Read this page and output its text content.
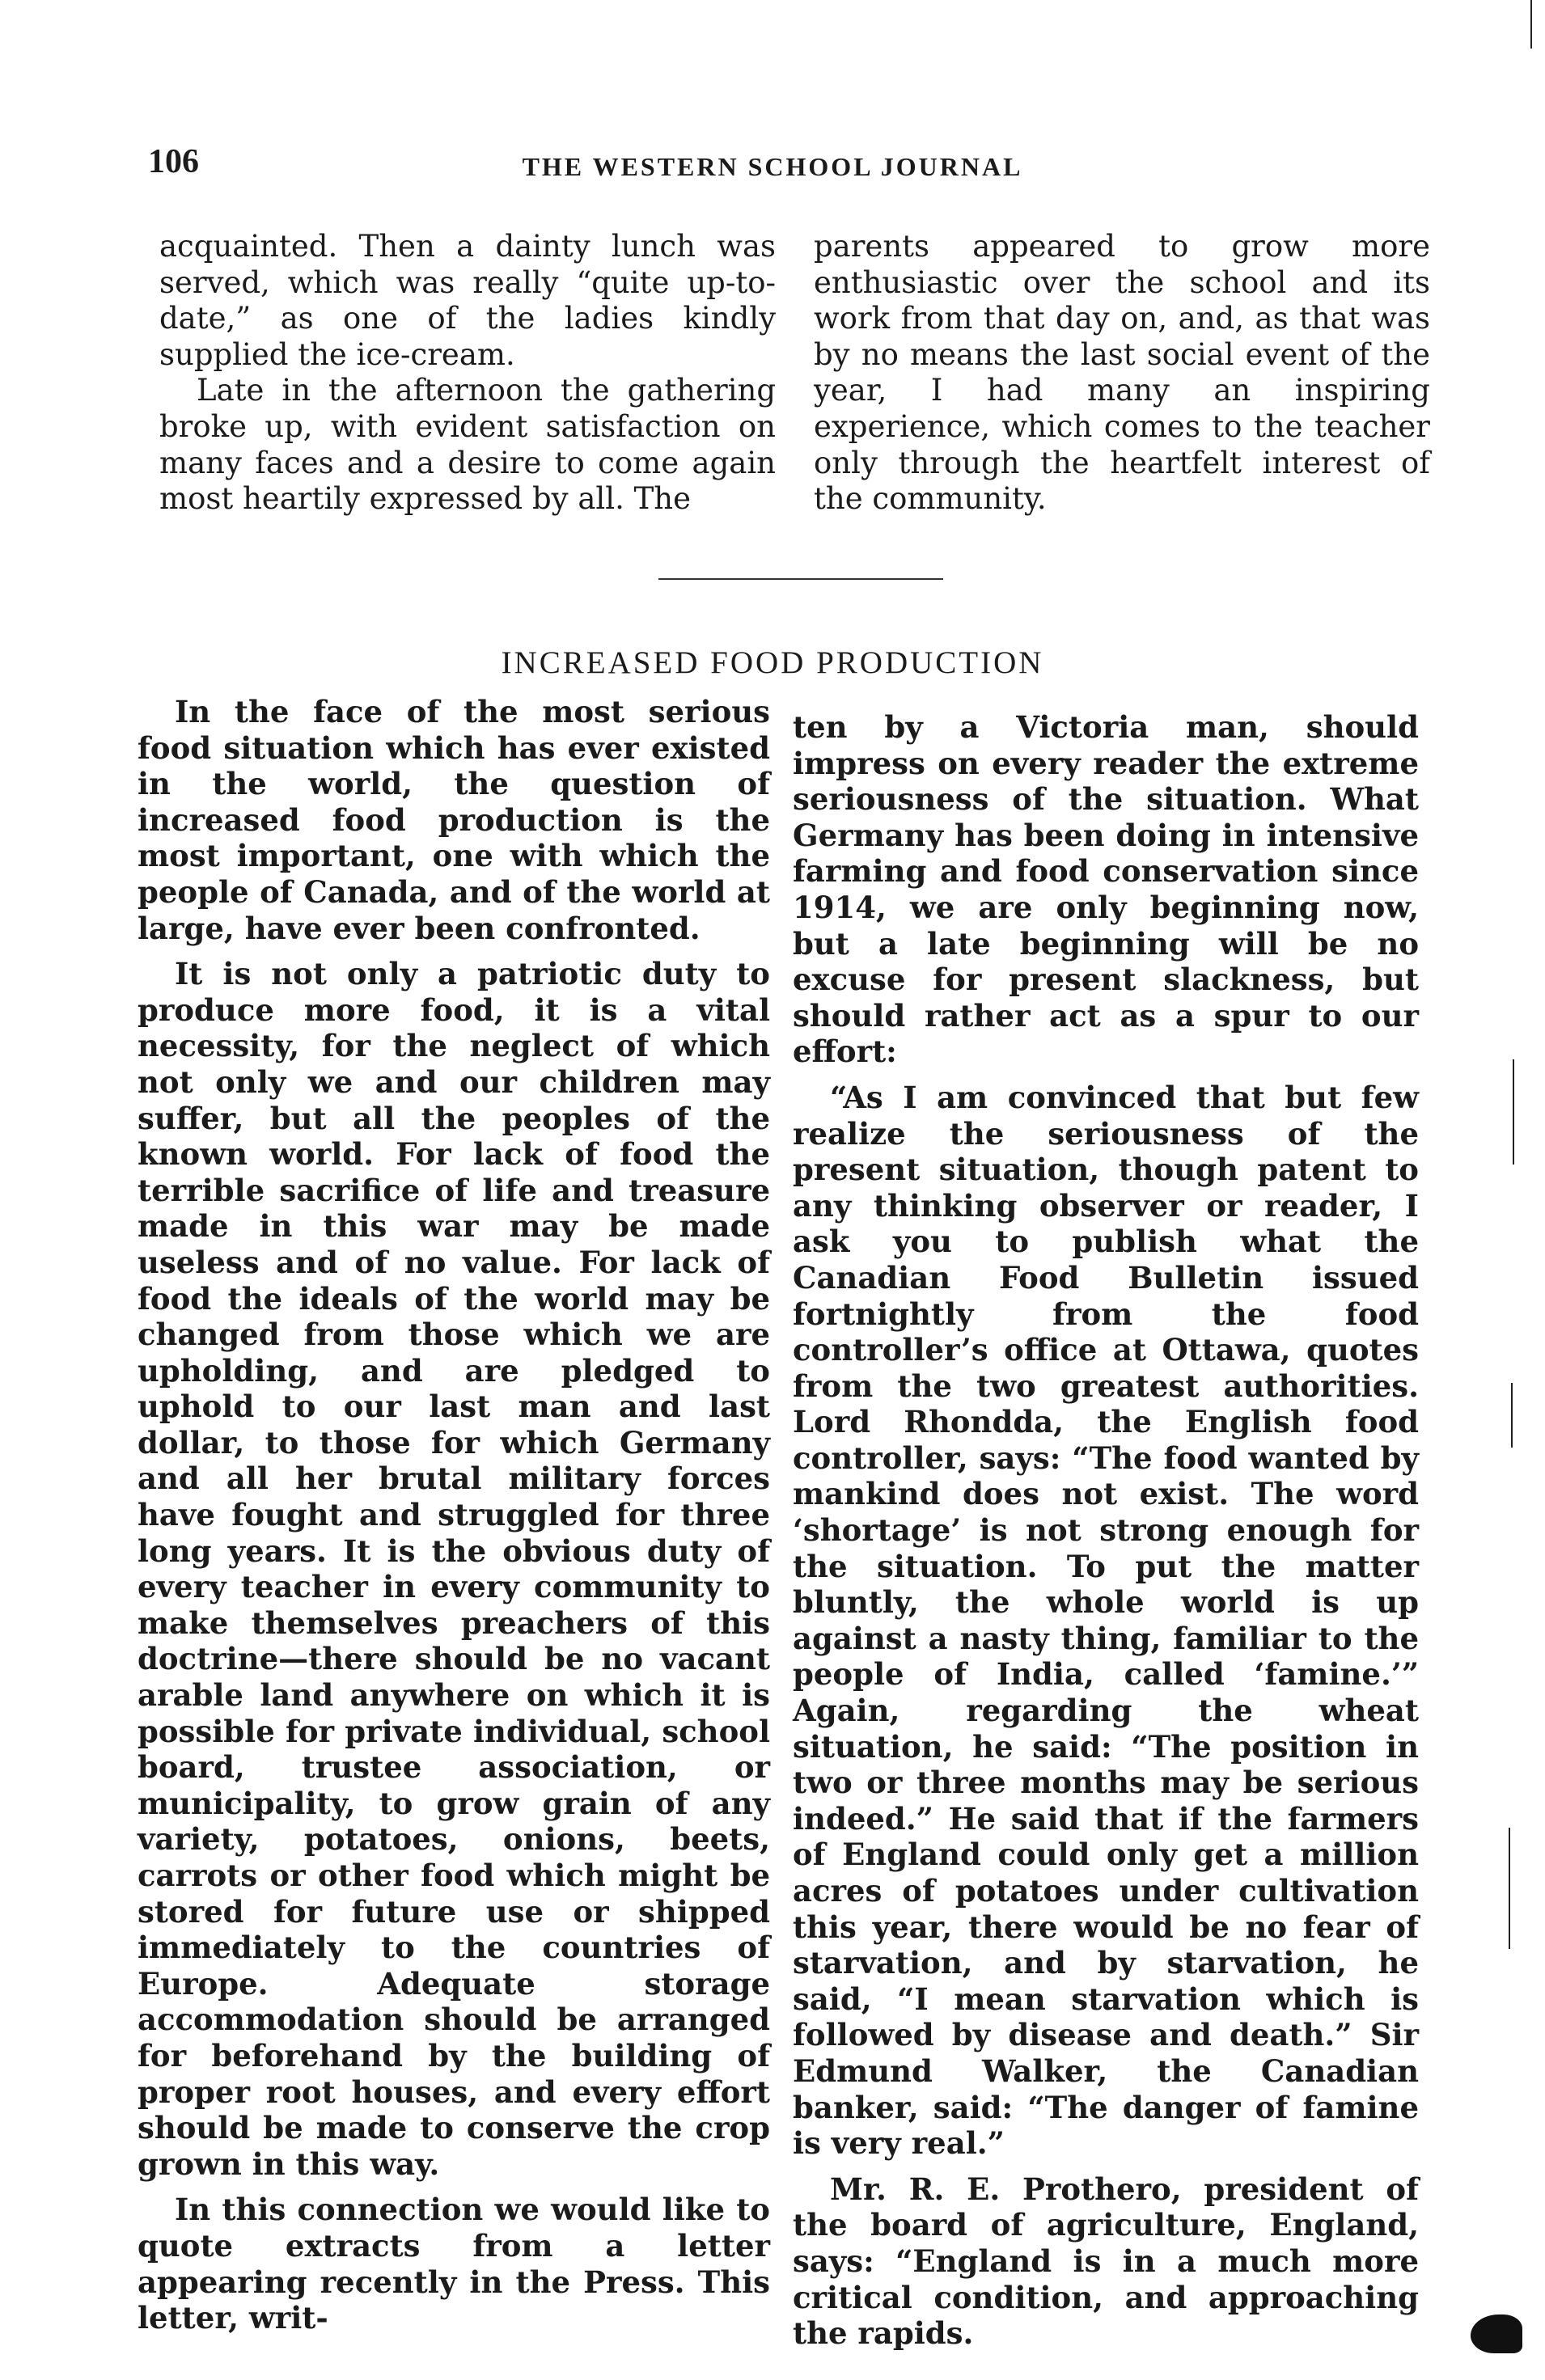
106	THE WESTERN SCHOOL JOURNAL

acquainted. Then a dainty lunch was served, which was really “quite up-to-date,” as one of the ladies kindly supplied the ice-cream.

Late in the afternoon the gathering broke up, with evident satisfaction on many faces and a desire to come again most heartily expressed by all. The

parents appeared to grow more enthusiastic over the school and its work from that day on, and, as that was by no means the last social event of the year, I had many an inspiring experience, which comes to the teacher only through the heartfelt interest of the community.

INCREASED FOOD PRODUCTION

In the face of the most serious food situation which has ever existed in the world, the question of increased food production is the most important, one with which the people of Canada, and of the world at large, have ever been confronted.

It is not only a patriotic duty to produce more food, it is a vital necessity, for the neglect of which not only we and our children may suffer, but all the peoples of the known world. For lack of food the terrible sacrifice of life and treasure made in this war may be made useless and of no value. For lack of food the ideals of the world may be changed from those which we are upholding, and are pledged to uphold to our last man and last dollar, to those for which Germany and all her brutal military forces have fought and struggled for three long years. It is the obvious duty of every teacher in every community to make themselves preachers of this doctrine—there should be no vacant arable land anywhere on which it is possible for private individual, school board, trustee association, or municipality, to grow grain of any variety, potatoes, onions, beets, carrots or other food which might be stored for future use or shipped immediately to the countries of Europe. Adequate storage accommodation should be arranged for beforehand by the building of proper root houses, and every effort should be made to conserve the crop grown in this way.

In this connection we would like to quote extracts from a letter appearing recently in the Press. This letter, writ-

ten by a Victoria man, should impress on every reader the extreme seriousness of the situation. What Germany has been doing in intensive farming and food conservation since 1914, we are only beginning now, but a late beginning will be no excuse for present slackness, but should rather act as a spur to our effort:

“As I am convinced that but few realize the seriousness of the present situation, though patent to any thinking observer or reader, I ask you to publish what the Canadian Food Bulletin issued fortnightly from the food controller’s office at Ottawa, quotes from the two greatest authorities. Lord Rhondda, the English food controller, says: “The food wanted by mankind does not exist. The word ‘shortage’ is not strong enough for the situation. To put the matter bluntly, the whole world is up against a nasty thing, familiar to the people of India, called ‘famine.’” Again, regarding the wheat situation, he said: “The position in two or three months may be serious indeed.” He said that if the farmers of England could only get a million acres of potatoes under cultivation this year, there would be no fear of starvation, and by starvation, he said, “I mean starvation which is followed by disease and death.” Sir Edmund Walker, the Canadian banker, said: “The danger of famine is very real.”

Mr. R. E. Prothero, president of the board of agriculture, England, says: “England is in a much more critical condition, and approaching the rapids.
